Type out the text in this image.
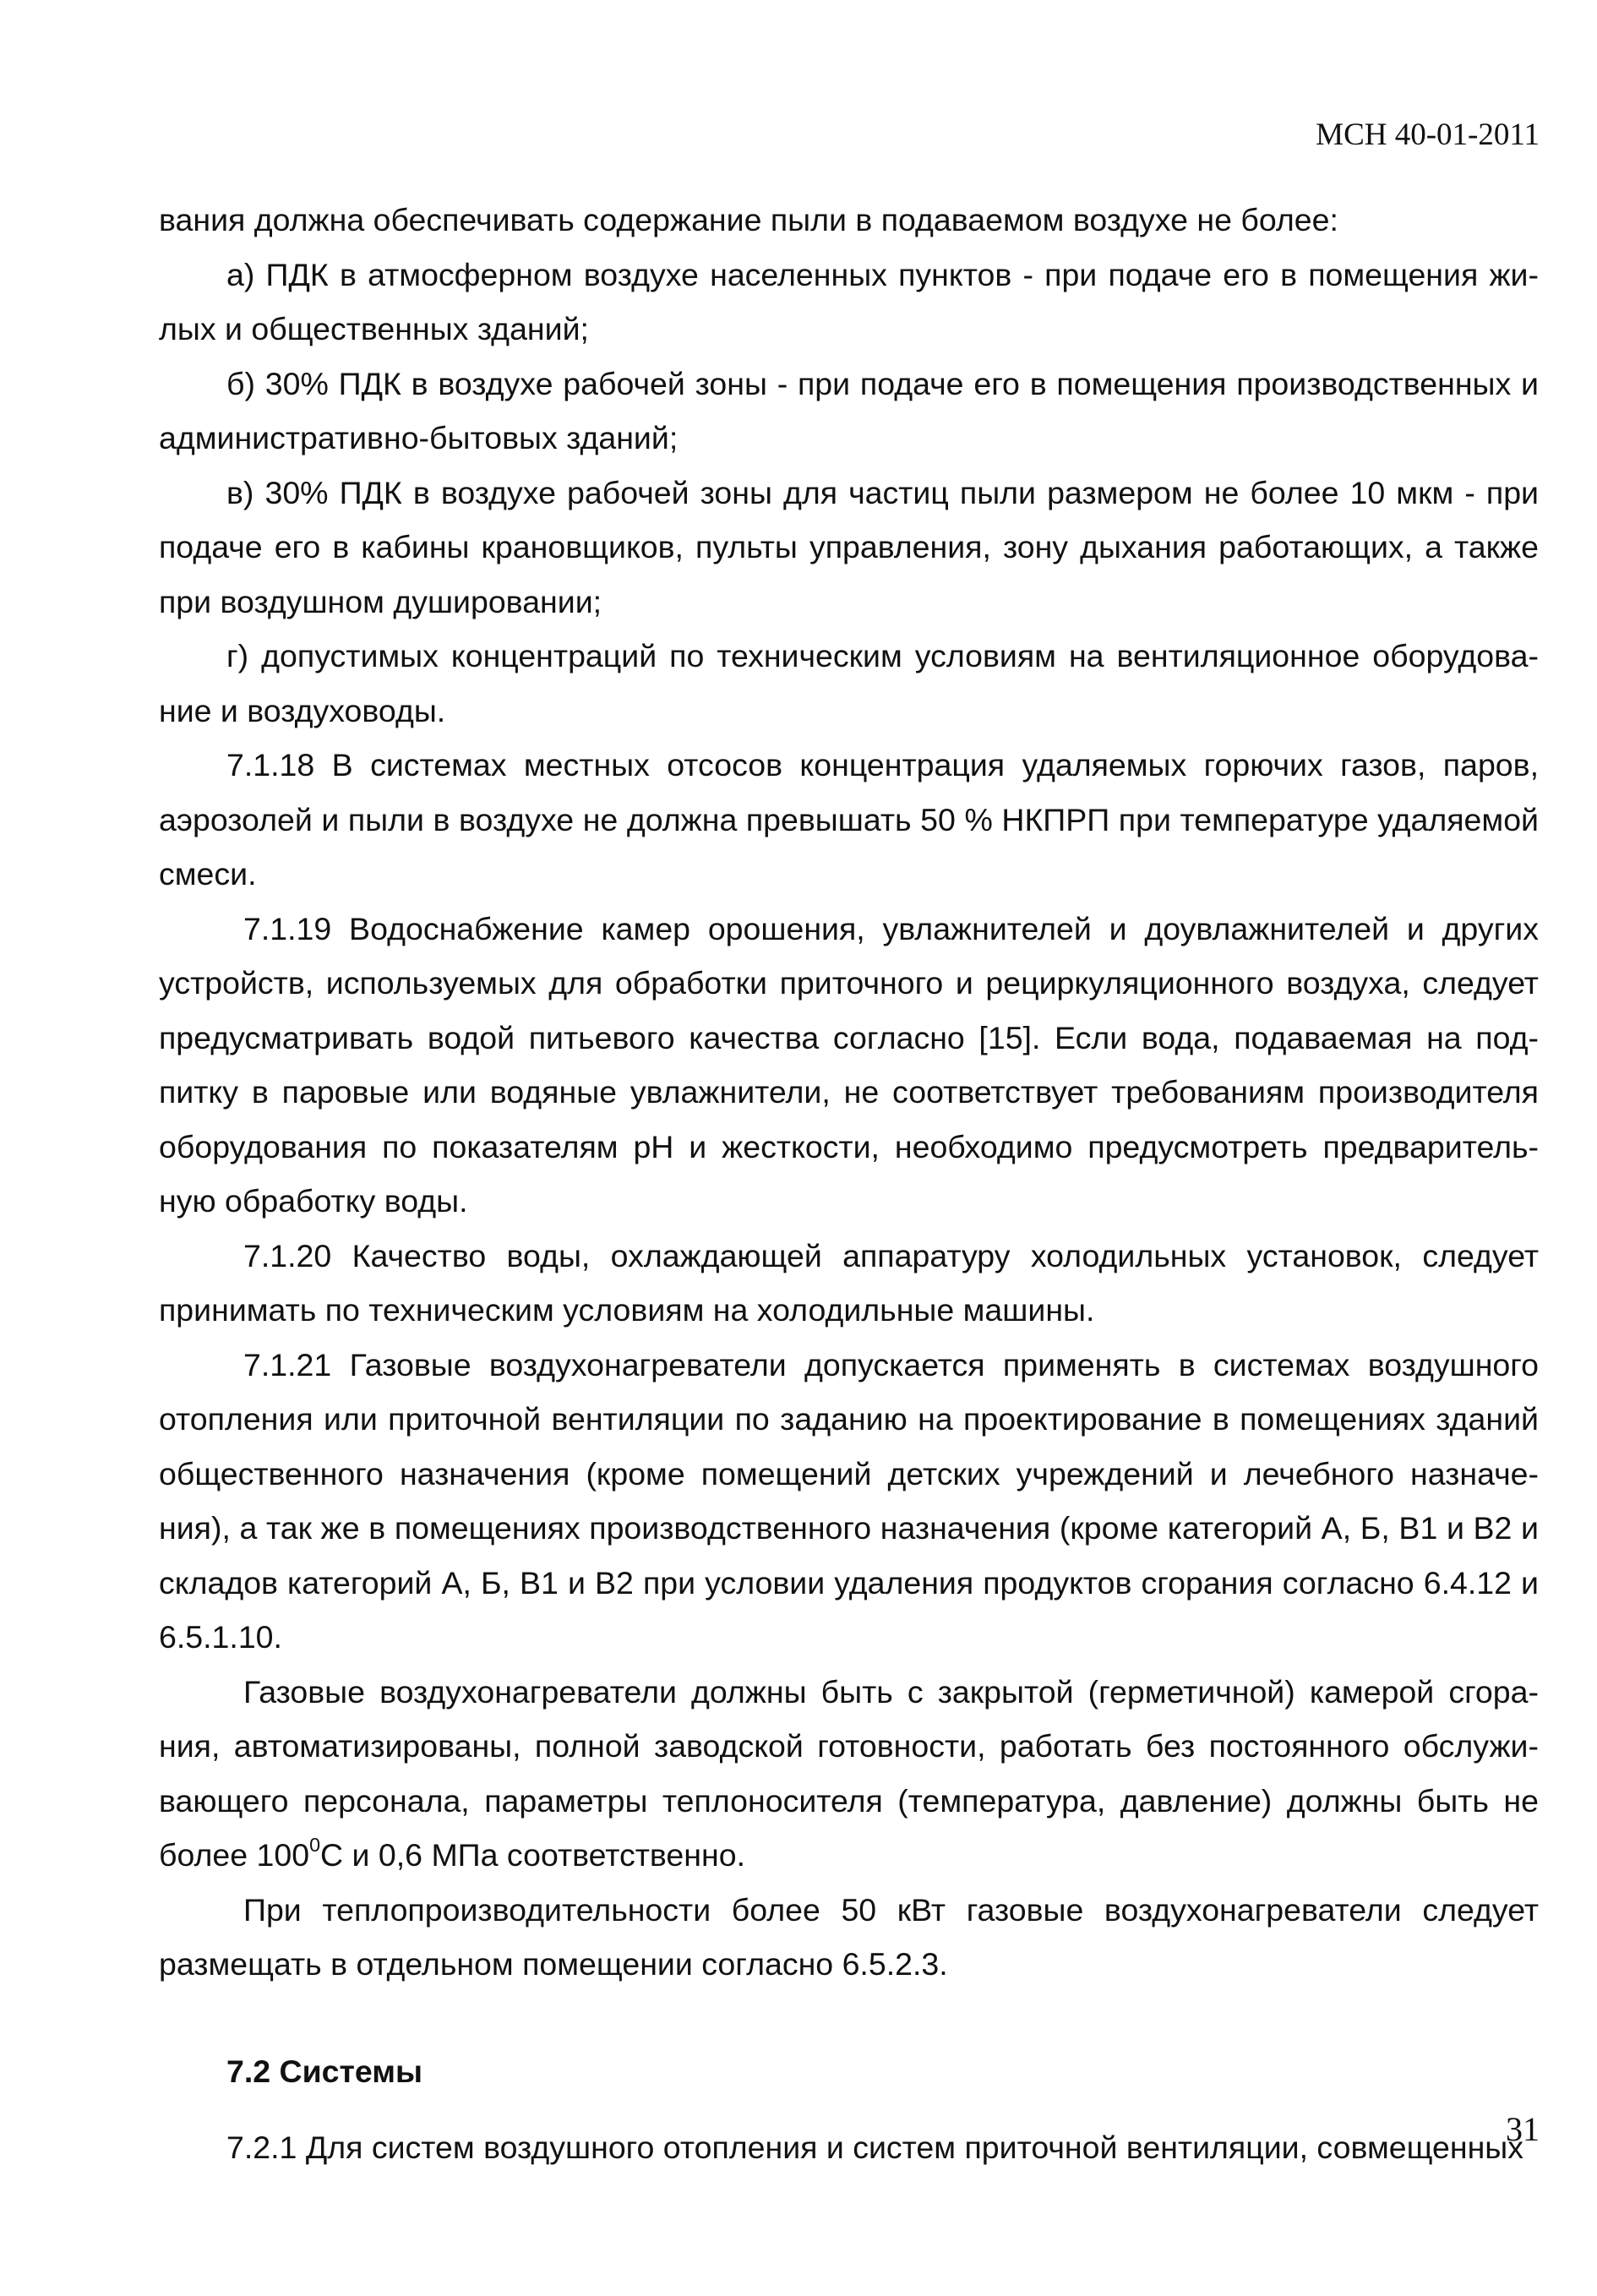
МСН 40-01-2011

вания должна обеспечивать содержание пыли в подаваемом воздухе не более:

а) ПДК в атмосферном воздухе населенных пунктов - при подаче его в помещения жи-лых и общественных зданий;

б) 30% ПДК в воздухе рабочей зоны - при подаче его в помещения производственных и административно-бытовых зданий;

в) 30% ПДК в воздухе рабочей зоны для частиц пыли размером не более 10 мкм - при подаче его в кабины крановщиков, пульты управления, зону дыхания работающих, а также при воздушном душировании;

г) допустимых концентраций по техническим условиям на вентиляционное оборудова-ние и воздуховоды.

7.1.18 В системах местных отсосов концентрация удаляемых горючих газов, паров, аэрозолей и пыли в воздухе не должна превышать 50 % НКПРП при температуре удаляемой смеси.

7.1.19 Водоснабжение камер орошения, увлажнителей и доувлажнителей и других устройств, используемых для обработки приточного и рециркуляционного воздуха, следует предусматривать водой питьевого качества согласно [15]. Если вода, подаваемая на под-питку в паровые или водяные увлажнители, не соответствует требованиям производителя оборудования по показателям рН и жесткости, необходимо предусмотреть предваритель-ную обработку воды.

7.1.20 Качество воды, охлаждающей аппаратуру холодильных установок, следует принимать по техническим условиям на холодильные машины.

7.1.21 Газовые воздухонагреватели допускается применять в системах воздушного отопления или приточной вентиляции по заданию на проектирование в помещениях зданий общественного назначения (кроме помещений детских учреждений и лечебного назначе-ния), а так же в помещениях производственного назначения (кроме категорий А, Б, В1 и В2 и складов категорий А, Б, В1 и В2 при условии удаления продуктов сгорания согласно 6.4.12 и 6.5.1.10.

Газовые воздухонагреватели должны быть с закрытой (герметичной) камерой сгора-ния, автоматизированы, полной заводской готовности, работать без постоянного обслужи-вающего персонала, параметры теплоносителя (температура, давление) должны быть не более $100^0С$ и 0,6 МПа соответственно.

При теплопроизводительности более 50 кВт газовые воздухонагреватели следует размещать в отдельном помещении согласно 6.5.2.3.

7.2 Системы

7.2.1 Для систем воздушного отопления и систем приточной вентиляции, совмещенных

31
